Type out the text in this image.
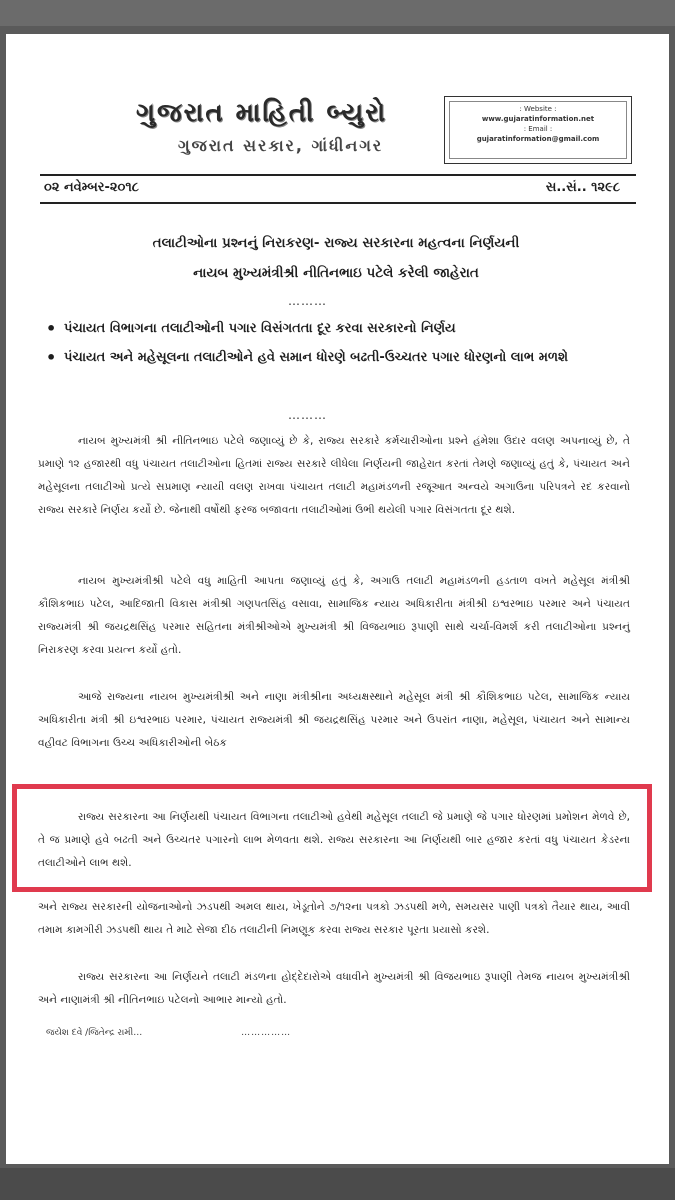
ગુજરાત માહિતી બ્યુરો
ગુજરાત સરકાર, ગાંધીનગર
: Website :
www.gujaratinformation.net
: Email :
gujaratinformation@gmail.com
૦૨ નવેમ્બર-૨૦૧૮	સ..સં.. ૧૨૯૮
તલાટીઓના પ્રશ્નનું નિરાકરણ- રાજ્ય સરકારના મહત્વના નિર્ણયની
નાયબ મુખ્યમંત્રીશ્રી નીતિનભાઇ પટેલે કરેલી જાહેરાત
………
• પંચાયત વિભાગના તલાટીઓની પગાર વિસંગતતા દૂર કરવા સરકારનો નિર્ણય
• પંચાયત અને મહેસૂલના તલાટીઓને હવે સમાન ધોરણે બઢતી-ઉચ્ચતર પગાર ધોરણનો લાભ મળશે
………
નાયબ મુખ્યમંત્રી શ્રી નીતિનભાઇ પટેલે જણાવ્યું છે કે, રાજ્ય સરકારે કર્મચારીઓના પ્રશ્ને હંમેશા ઉદાર વલણ અપનાવ્યું છે, તે પ્રમાણે ૧૨ હજારથી વધુ પંચાયત તલાટીઓના હિતમાં રાજ્ય સરકારે લીધેલા નિર્ણયની જાહેરાત કરતાં તેમણે જણાવ્યું હતું કે, પંચાયત અને મહેસૂલના તલાટીઓ પ્રત્યે સપ્રમાણ ન્યાયી વલણ રાખવા પંચાયત તલાટી મહામંડળની રજૂઆત અન્વયે અગાઉના પરિપત્રને રદ કરવાનો રાજ્ય સરકારે નિર્ણય કર્યો છે. જેનાથી વર્ષોથી ફરજ બજાવતા તલાટીઓમાં ઉભી થયેલી પગાર વિસંગતતા દૂર થશે.
નાયબ મુખ્યમંત્રીશ્રી પટેલે વધુ માહિતી આપતા જણાવ્યું હતું કે, અગાઉ તલાટી મહામંડળની હડતાળ વખતે મહેસૂલ મંત્રીશ્રી કૌશિકભાઇ પટેલ, આદિજાતી વિકાસ મંત્રીશ્રી ગણપતસિંહ વસાવા, સામાજિક ન્યાય અધિકારીતા મંત્રીશ્રી ઇશ્વરભાઇ પરમાર અને પંચાયત રાજ્યમંત્રી શ્રી જયદ્રથસિંહ પરમાર સહિતના મંત્રીશ્રીઓએ મુખ્યમંત્રી શ્રી વિજયભાઇ રૂપાણી સાથે ચર્ચા-વિમર્શ કરી તલાટીઓના પ્રશ્નનું નિરાકરણ કરવા પ્રયત્ન કર્યો હતો.
આજે રાજ્યના નાયબ મુખ્યમંત્રીશ્રી અને નાણા મંત્રીશ્રીના અધ્યક્ષસ્થાને મહેસૂલ મંત્રી શ્રી કૌશિકભાઇ પટેલ, સામાજિક ન્યાય અધિકારીતા મંત્રી શ્રી ઇશ્વરભાઇ પરમાર, પંચાયત રાજ્યમંત્રી શ્રી જયદ્રથસિંહ પરમાર અને ઉપરાંત નાણા, મહેસૂલ, પંચાયત અને સામાન્ય વહીવટ વિભાગના ઉચ્ચ અધિકારીઓની બેઠક
રાજ્ય સરકારના આ નિર્ણયથી પંચાયત વિભાગના તલાટીઓ હવેથી મહેસૂલ તલાટી જે પ્રમાણે જે પગાર ધોરણમાં પ્રમોશન મેળવે છે, તે જ પ્રમાણે હવે બઢતી અને ઉચ્ચતર પગારનો લાભ મેળવતા થશે. રાજ્ય સરકારના આ નિર્ણયથી બાર હજાર કરતાં વધુ પંચાયત કેડરના તલાટીઓને લાભ થશે.
અને રાજ્ય સરકારની યોજનાઓનો ઝડપથી અમલ થાય, ખેડૂતોને ૭/૧૨ના પત્રકો ઝડપથી મળે, સમયસર પાણી પત્રકો તૈયાર થાય, આવી તમામ કામગીરી ઝડપથી થાય તે માટે સેજા દીઠ તલાટીની નિમણૂક કરવા રાજ્ય સરકાર પૂરતા પ્રયાસો કરશે.
રાજ્ય સરકારના આ નિર્ણયને તલાટી મંડળના હોદ્દેદારોએ વધાવીને મુખ્યમંત્રી શ્રી વિજયભાઇ રૂપાણી તેમજ નાયબ મુખ્યમંત્રીશ્રી અને નાણામંત્રી શ્રી નીતિનભાઇ પટેલનો આભાર માન્યો હતો.
જયેશ દવે /જિતેન્દ્ર રામી…	……………
